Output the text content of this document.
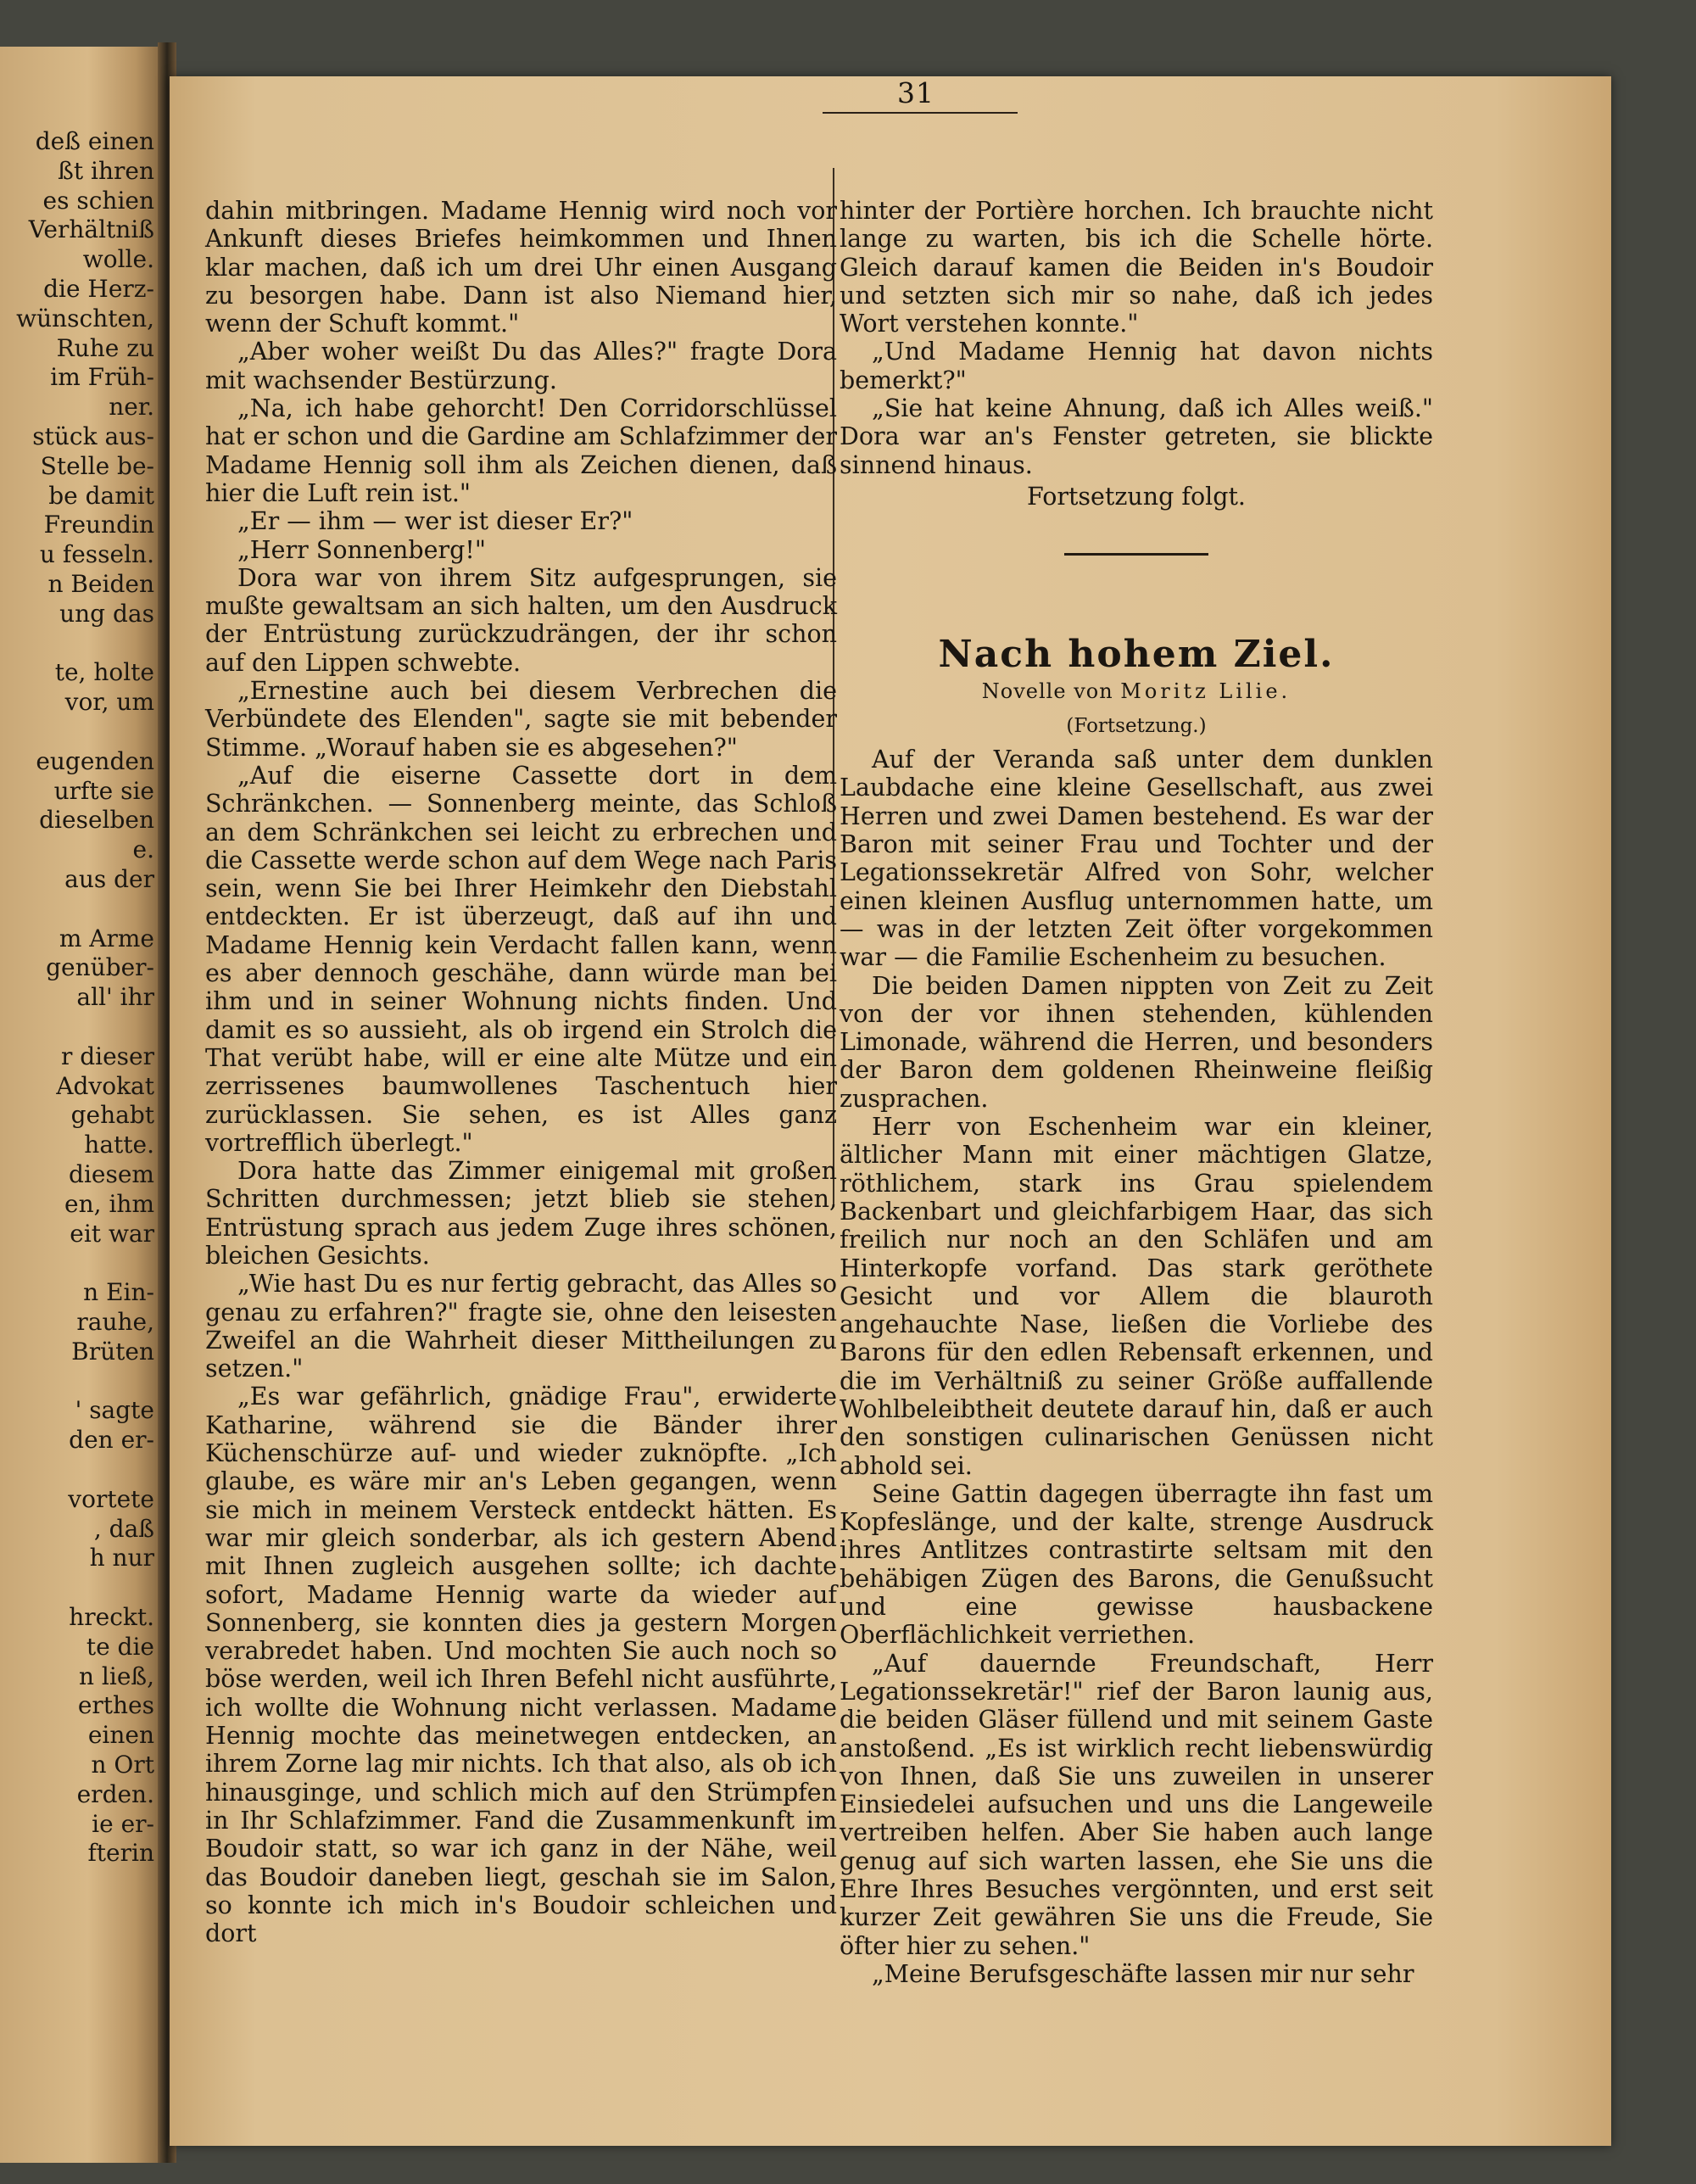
deß einen
ßt ihren
es schien
Verhältniß
wolle.
die Herz-
wünschten,
Ruhe zu
im Früh-
ner.
stück aus-
Stelle be-
be damit
Freundin
u fesseln.
n Beiden
ung das
te, holte
vor, um
eugenden
urfte sie
dieselben
e.
aus der
m Arme
genüber-
all' ihr
r dieser
Advokat
gehabt
hatte.
diesem
en, ihm
eit war
n Ein-
rauhe,
Brüten
' sagte
den er-
vortete
, daß
h nur
hreckt.
te die
n ließ,
erthes
einen
n Ort
erden.
ie er-
fterin
31

dahin mitbringen. Madame Hennig wird noch vor Ankunft dieses Briefes heimkommen und Ihnen klar machen, daß ich um drei Uhr einen Ausgang zu besorgen habe. Dann ist also Niemand hier, wenn der Schuft kommt."

„Aber woher weißt Du das Alles?" fragte Dora mit wachsender Bestürzung.

„Na, ich habe gehorcht! Den Corridorschlüssel hat er schon und die Gardine am Schlafzimmer der Madame Hennig soll ihm als Zeichen dienen, daß hier die Luft rein ist."

„Er — ihm — wer ist dieser Er?"

„Herr Sonnenberg!"

Dora war von ihrem Sitz aufgesprungen, sie mußte gewaltsam an sich halten, um den Ausdruck der Entrüstung zurückzudrängen, der ihr schon auf den Lippen schwebte.

„Ernestine auch bei diesem Verbrechen die Verbündete des Elenden", sagte sie mit bebender Stimme. „Worauf haben sie es abgesehen?"

„Auf die eiserne Cassette dort in dem Schränkchen. — Sonnenberg meinte, das Schloß an dem Schränkchen sei leicht zu erbrechen und die Cassette werde schon auf dem Wege nach Paris sein, wenn Sie bei Ihrer Heimkehr den Diebstahl entdeckten. Er ist überzeugt, daß auf ihn und Madame Hennig kein Verdacht fallen kann, wenn es aber dennoch geschähe, dann würde man bei ihm und in seiner Wohnung nichts finden. Und damit es so aussieht, als ob irgend ein Strolch die That verübt habe, will er eine alte Mütze und ein zerrissenes baumwollenes Taschentuch hier zurücklassen. Sie sehen, es ist Alles ganz vortrefflich überlegt."

Dora hatte das Zimmer einigemal mit großen Schritten durchmessen; jetzt blieb sie stehen, Entrüstung sprach aus jedem Zuge ihres schönen, bleichen Gesichts.

„Wie hast Du es nur fertig gebracht, das Alles so genau zu erfahren?" fragte sie, ohne den leisesten Zweifel an die Wahrheit dieser Mittheilungen zu setzen."

„Es war gefährlich, gnädige Frau", erwiderte Katharine, während sie die Bänder ihrer Küchenschürze auf- und wieder zuknöpfte. „Ich glaube, es wäre mir an's Leben gegangen, wenn sie mich in meinem Versteck entdeckt hätten. Es war mir gleich sonderbar, als ich gestern Abend mit Ihnen zugleich ausgehen sollte; ich dachte sofort, Madame Hennig warte da wieder auf Sonnenberg, sie konnten dies ja gestern Morgen verabredet haben. Und mochten Sie auch noch so böse werden, weil ich Ihren Befehl nicht ausführte, ich wollte die Wohnung nicht verlassen. Madame Hennig mochte das meinetwegen entdecken, an ihrem Zorne lag mir nichts. Ich that also, als ob ich hinausginge, und schlich mich auf den Strümpfen in Ihr Schlafzimmer. Fand die Zusammenkunft im Boudoir statt, so war ich ganz in der Nähe, weil das Boudoir daneben liegt, geschah sie im Salon, so konnte ich mich in's Boudoir schleichen und dort

hinter der Portière horchen. Ich brauchte nicht lange zu warten, bis ich die Schelle hörte. Gleich darauf kamen die Beiden in's Boudoir und setzten sich mir so nahe, daß ich jedes Wort verstehen konnte."

„Und Madame Hennig hat davon nichts bemerkt?"

„Sie hat keine Ahnung, daß ich Alles weiß." Dora war an's Fenster getreten, sie blickte sinnend hinaus.

Fortsetzung folgt.

Nach hohem Ziel.
Novelle von Moritz Lilie.
(Fortsetzung.)

Auf der Veranda saß unter dem dunklen Laubdache eine kleine Gesellschaft, aus zwei Herren und zwei Damen bestehend. Es war der Baron mit seiner Frau und Tochter und der Legationssekretär Alfred von Sohr, welcher einen kleinen Ausflug unternommen hatte, um — was in der letzten Zeit öfter vorgekommen war — die Familie Eschenheim zu besuchen.

Die beiden Damen nippten von Zeit zu Zeit von der vor ihnen stehenden, kühlenden Limonade, während die Herren, und besonders der Baron dem goldenen Rheinweine fleißig zusprachen.

Herr von Eschenheim war ein kleiner, ältlicher Mann mit einer mächtigen Glatze, röthlichem, stark ins Grau spielendem Backenbart und gleichfarbigem Haar, das sich freilich nur noch an den Schläfen und am Hinterkopfe vorfand. Das stark geröthete Gesicht und vor Allem die blauroth angehauchte Nase, ließen die Vorliebe des Barons für den edlen Rebensaft erkennen, und die im Verhältniß zu seiner Größe auffallende Wohlbeleibtheit deutete darauf hin, daß er auch den sonstigen culinarischen Genüssen nicht abhold sei.

Seine Gattin dagegen überragte ihn fast um Kopfeslänge, und der kalte, strenge Ausdruck ihres Antlitzes contrastirte seltsam mit den behäbigen Zügen des Barons, die Genußsucht und eine gewisse hausbackene Oberflächlichkeit verriethen.

„Auf dauernde Freundschaft, Herr Legationssekretär!" rief der Baron launig aus, die beiden Gläser füllend und mit seinem Gaste anstoßend. „Es ist wirklich recht liebenswürdig von Ihnen, daß Sie uns zuweilen in unserer Einsiedelei aufsuchen und uns die Langeweile vertreiben helfen. Aber Sie haben auch lange genug auf sich warten lassen, ehe Sie uns die Ehre Ihres Besuches vergönnten, und erst seit kurzer Zeit gewähren Sie uns die Freude, Sie öfter hier zu sehen."

„Meine Berufsgeschäfte lassen mir nur sehr
